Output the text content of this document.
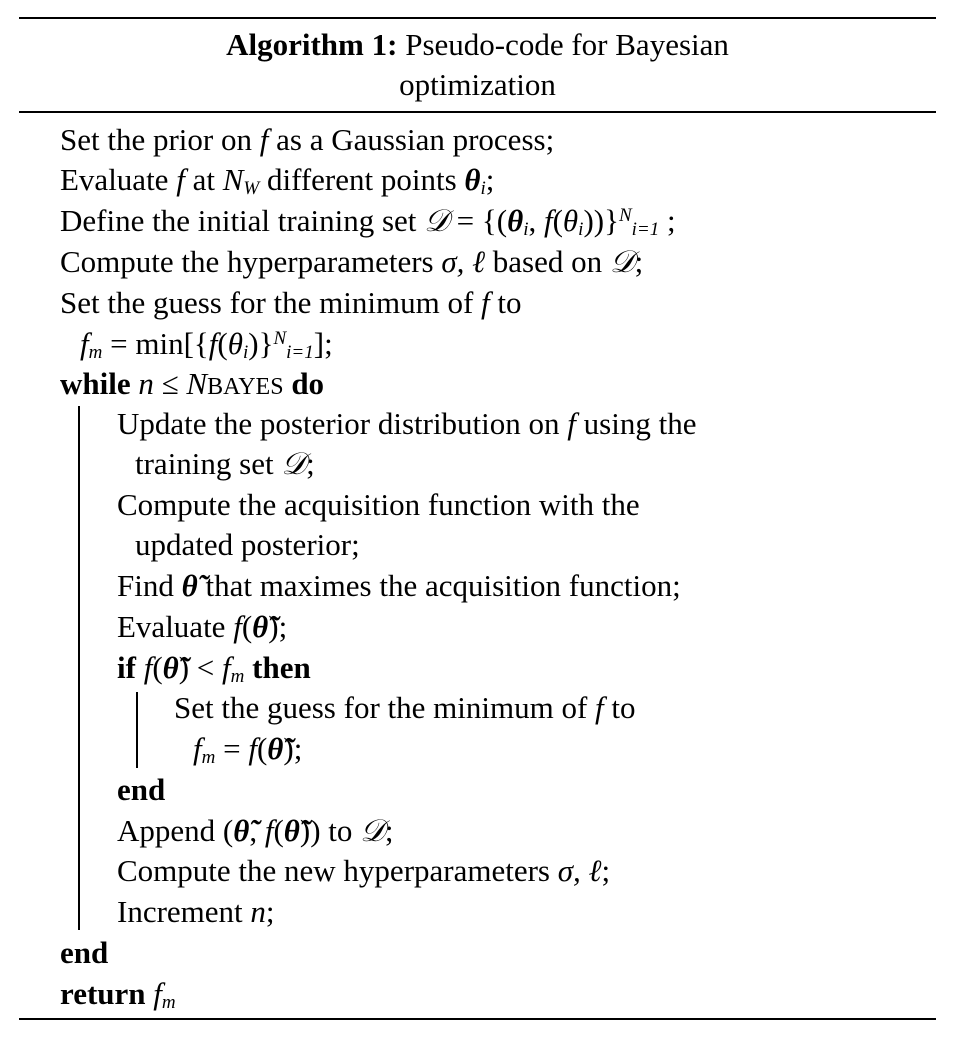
Algorithm 1: Pseudo-code for Bayesian
optimization
Set the prior on f as a Gaussian process;
Evaluate f at $N_W$ different points $\theta_i$;
Define the initial training set 𝒟 = {($\theta_i$, $f(\theta_i))\}^N_{i=1}$ ;
Compute the hyperparameters σ, ℓ based on 𝒟;
Set the guess for the minimum of f to
$f_m = \min[\{f(\theta_i)\}^N_{i=1}]$;
while n ≤ NBAYES do
Update the posterior distribution on f using the
training set 𝒟;
Compute the acquisition function with the
updated posterior;
Find θ̃ that maximes the acquisition function;
Evaluate f(θ̃);
if f(θ̃) < $f_m$ then
Set the guess for the minimum of f to
$f_m$ = f(θ̃);
end
Append (θ̃, f(θ̃)) to 𝒟;
Compute the new hyperparameters σ, ℓ;
Increment n;
end
return $f_m$
